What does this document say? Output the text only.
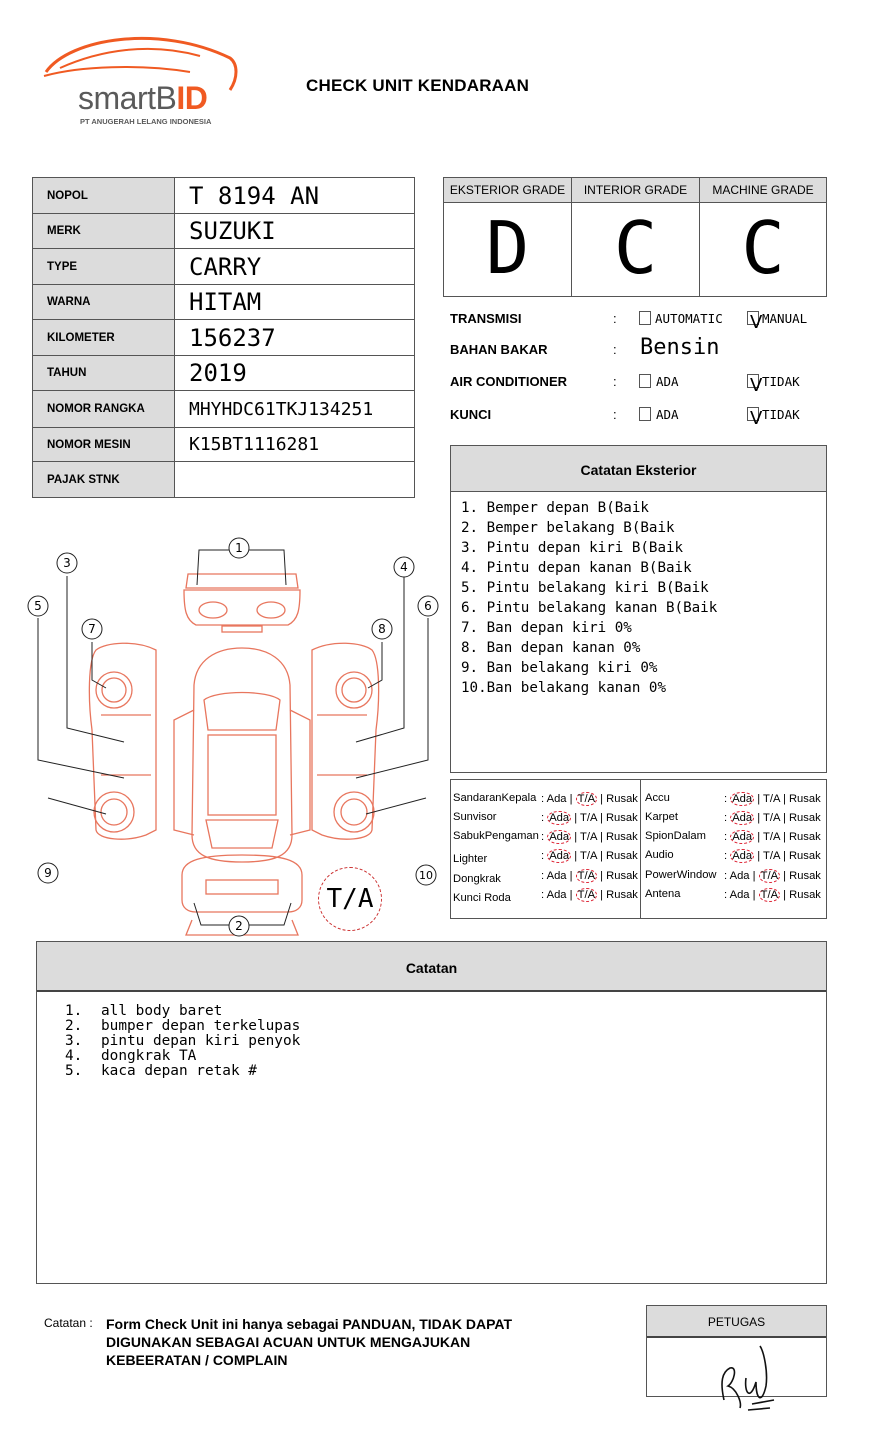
smartBID
PT ANUGERAH LELANG INDONESIA
CHECK UNIT KENDARAAN
NOPOL	T 8194 AN
MERK	SUZUKI
TYPE	CARRY
WARNA	HITAM
KILOMETER	156237
TAHUN	2019
NOMOR RANGKA	MHYHDC61TKJ134251
NOMOR MESIN	K15BT1116281
PAJAK STNK	
EKSTERIOR GRADE
D
INTERIOR GRADE
C
MACHINE GRADE
C
TRANSMISI	:	AUTOMATIC V MANUAL
BAHAN BAKAR	: Bensin
AIR CONDITIONER	:	ADA	V TIDAK
KUNCI	:	ADA	V TIDAK
Catatan Eksterior
1. Bemper depan B(Baik
2. Bemper belakang B(Baik
3. Pintu depan kiri B(Baik
4. Pintu depan kanan B(Baik
5. Pintu belakang kiri B(Baik
6. Pintu belakang kanan B(Baik
7. Ban depan kiri 0%
8. Ban depan kanan 0%
9. Ban belakang kiri 0%
10.Ban belakang kanan 0%
SandaranKepala : Ada | T/A | Rusak
Sunvisor	: Ada | T/A | Rusak
SabukPengaman : Ada | T/A | Rusak
Lighter	: Ada | T/A | Rusak
Dongkrak	: Ada | T/A | Rusak
Kunci Roda	: Ada | T/A | Rusak
Accu	: Ada | T/A | Rusak
Karpet	: Ada | T/A | Rusak
SpionDalam : Ada | T/A | Rusak
Audio	: Ada | T/A | Rusak
PowerWindow : Ada | T/A | Rusak
Antena	: Ada | T/A | Rusak
1
2
3	4
5	6
7	8
9	10
T/A
Catatan
1. all body baret
2. bumper depan terkelupas
3. pintu depan kiri penyok
4. dongkrak TA
5. kaca depan retak #
Catatan : Form Check Unit ini hanya sebagai PANDUAN, TIDAK DAPAT DIGUNAKAN SEBAGAI ACUAN UNTUK MENGAJUKAN KEBEERATAN / COMPLAIN
PETUGAS
